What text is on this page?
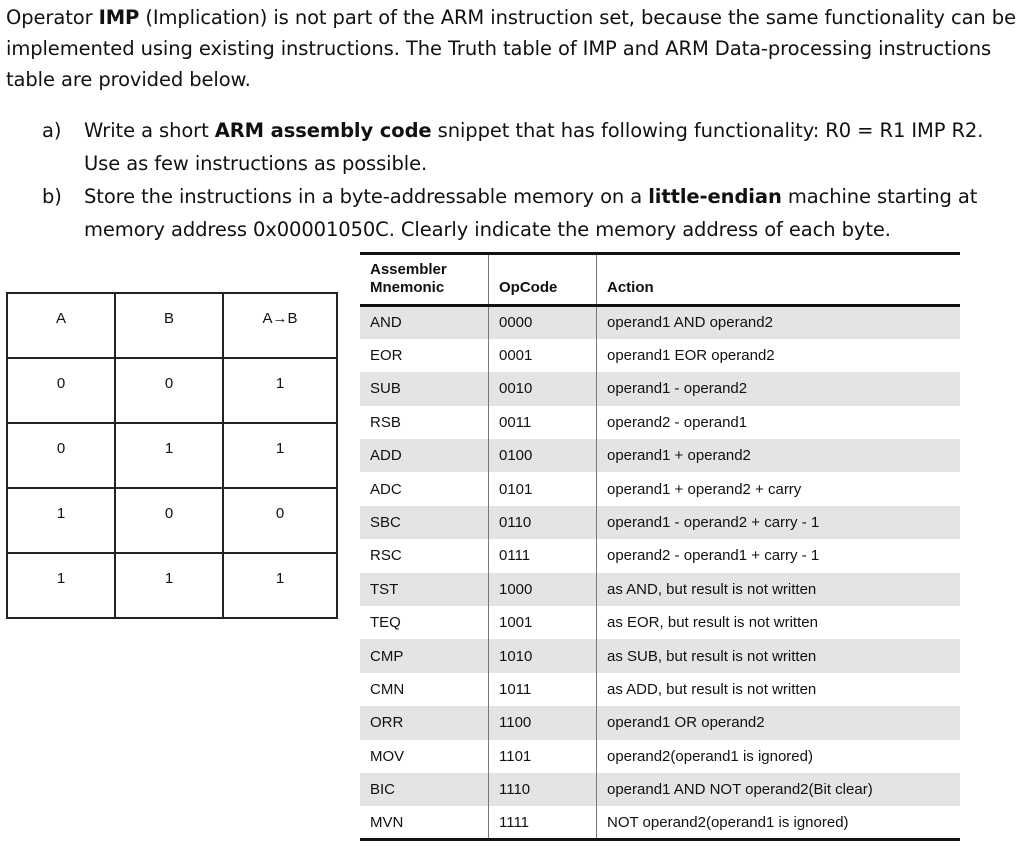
Operator IMP (Implication) is not part of the ARM instruction set, because the same functionality can be implemented using existing instructions. The Truth table of IMP and ARM Data-processing instructions table are provided below.
a) Write a short ARM assembly code snippet that has following functionality: R0 = R1 IMP R2. Use as few instructions as possible.
b) Store the instructions in a byte-addressable memory on a little-endian machine starting at memory address 0x00001050C. Clearly indicate the memory address of each byte.
A	B	A→B
0	0	1
0	1	1
1	0	0
1	1	1
Assembler Mnemonic	OpCode	Action
AND	0000	operand1 AND operand2
EOR	0001	operand1 EOR operand2
SUB	0010	operand1 - operand2
RSB	0011	operand2 - operand1
ADD	0100	operand1 + operand2
ADC	0101	operand1 + operand2 + carry
SBC	0110	operand1 - operand2 + carry - 1
RSC	0111	operand2 - operand1 + carry - 1
TST	1000	as AND, but result is not written
TEQ	1001	as EOR, but result is not written
CMP	1010	as SUB, but result is not written
CMN	1011	as ADD, but result is not written
ORR	1100	operand1 OR operand2
MOV	1101	operand2(operand1 is ignored)
BIC	1110	operand1 AND NOT operand2(Bit clear)
MVN	1111	NOT operand2(operand1 is ignored)
